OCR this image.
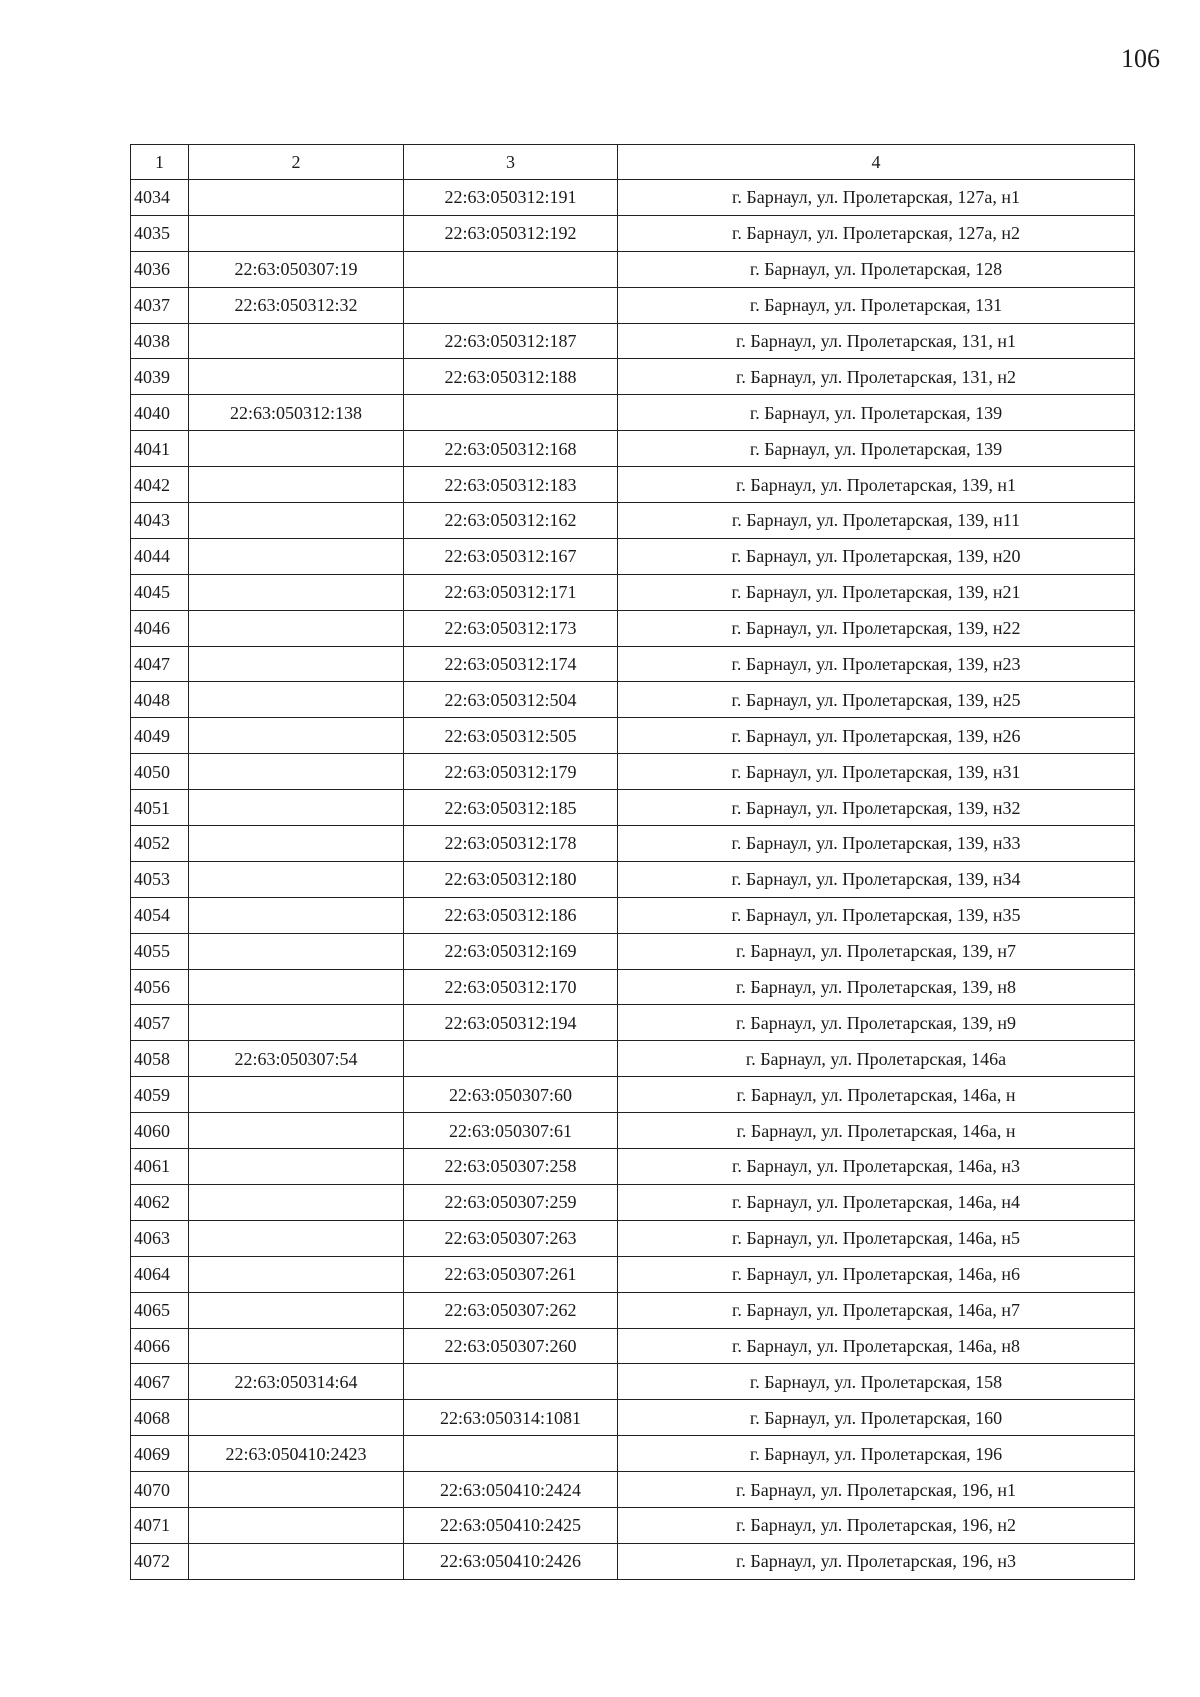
106
1	2	3	4
4034		22:63:050312:191	г. Барнаул, ул. Пролетарская, 127а, н1
4035		22:63:050312:192	г. Барнаул, ул. Пролетарская, 127а, н2
4036	22:63:050307:19		г. Барнаул, ул. Пролетарская, 128
4037	22:63:050312:32		г. Барнаул, ул. Пролетарская, 131
4038		22:63:050312:187	г. Барнаул, ул. Пролетарская, 131, н1
4039		22:63:050312:188	г. Барнаул, ул. Пролетарская, 131, н2
4040	22:63:050312:138		г. Барнаул, ул. Пролетарская, 139
4041		22:63:050312:168	г. Барнаул, ул. Пролетарская, 139
4042		22:63:050312:183	г. Барнаул, ул. Пролетарская, 139, н1
4043		22:63:050312:162	г. Барнаул, ул. Пролетарская, 139, н11
4044		22:63:050312:167	г. Барнаул, ул. Пролетарская, 139, н20
4045		22:63:050312:171	г. Барнаул, ул. Пролетарская, 139, н21
4046		22:63:050312:173	г. Барнаул, ул. Пролетарская, 139, н22
4047		22:63:050312:174	г. Барнаул, ул. Пролетарская, 139, н23
4048		22:63:050312:504	г. Барнаул, ул. Пролетарская, 139, н25
4049		22:63:050312:505	г. Барнаул, ул. Пролетарская, 139, н26
4050		22:63:050312:179	г. Барнаул, ул. Пролетарская, 139, н31
4051		22:63:050312:185	г. Барнаул, ул. Пролетарская, 139, н32
4052		22:63:050312:178	г. Барнаул, ул. Пролетарская, 139, н33
4053		22:63:050312:180	г. Барнаул, ул. Пролетарская, 139, н34
4054		22:63:050312:186	г. Барнаул, ул. Пролетарская, 139, н35
4055		22:63:050312:169	г. Барнаул, ул. Пролетарская, 139, н7
4056		22:63:050312:170	г. Барнаул, ул. Пролетарская, 139, н8
4057		22:63:050312:194	г. Барнаул, ул. Пролетарская, 139, н9
4058	22:63:050307:54		г. Барнаул, ул. Пролетарская, 146а
4059		22:63:050307:60	г. Барнаул, ул. Пролетарская, 146а, н
4060		22:63:050307:61	г. Барнаул, ул. Пролетарская, 146а, н
4061		22:63:050307:258	г. Барнаул, ул. Пролетарская, 146а, н3
4062		22:63:050307:259	г. Барнаул, ул. Пролетарская, 146а, н4
4063		22:63:050307:263	г. Барнаул, ул. Пролетарская, 146а, н5
4064		22:63:050307:261	г. Барнаул, ул. Пролетарская, 146а, н6
4065		22:63:050307:262	г. Барнаул, ул. Пролетарская, 146а, н7
4066		22:63:050307:260	г. Барнаул, ул. Пролетарская, 146а, н8
4067	22:63:050314:64		г. Барнаул, ул. Пролетарская, 158
4068		22:63:050314:1081	г. Барнаул, ул. Пролетарская, 160
4069	22:63:050410:2423		г. Барнаул, ул. Пролетарская, 196
4070		22:63:050410:2424	г. Барнаул, ул. Пролетарская, 196, н1
4071		22:63:050410:2425	г. Барнаул, ул. Пролетарская, 196, н2
4072		22:63:050410:2426	г. Барнаул, ул. Пролетарская, 196, н3
